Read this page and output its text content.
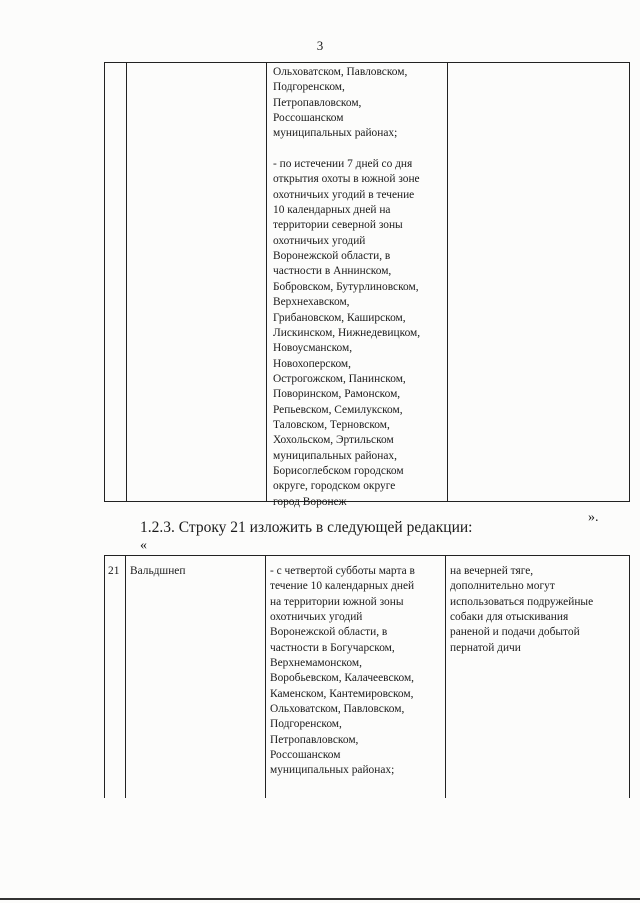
3
Ольховатском, Павловском,
Подгоренском,
Петропавловском,
Россошанском
муниципальных районах;

- по истечении 7 дней со дня
открытия охоты в южной зоне
охотничьих угодий в течение
10 календарных дней на
территории северной зоны
охотничьих угодий
Воронежской области, в
частности в Аннинском,
Бобровском, Бутурлиновском,
Верхнехавском,
Грибановском, Каширском,
Лискинском, Нижнедевицком,
Новоусманском,
Новохоперском,
Острогожском, Панинском,
Поворинском, Рамонском,
Репьевском, Семилукском,
Таловском, Терновском,
Хохольском, Эртильском
муниципальных районах,
Борисоглебском городском
округе, городском округе
город Воронеж
».
1.2.3. Строку 21 изложить в следующей редакции:
«
21 Вальдшнеп	- с четвертой субботы марта в
течение 10 календарных дней
на территории южной зоны
охотничьих угодий
Воронежской области, в
частности в Богучарском,
Верхнемамонском,
Воробьевском, Калачеевском,
Каменском, Кантемировском,
Ольховатском, Павловском,
Подгоренском,
Петропавловском,
Россошанском
муниципальных районах;
на вечерней тяге,
дополнительно могут
использоваться подружейные
собаки для отыскивания
раненой и подачи добытой
пернатой дичи
